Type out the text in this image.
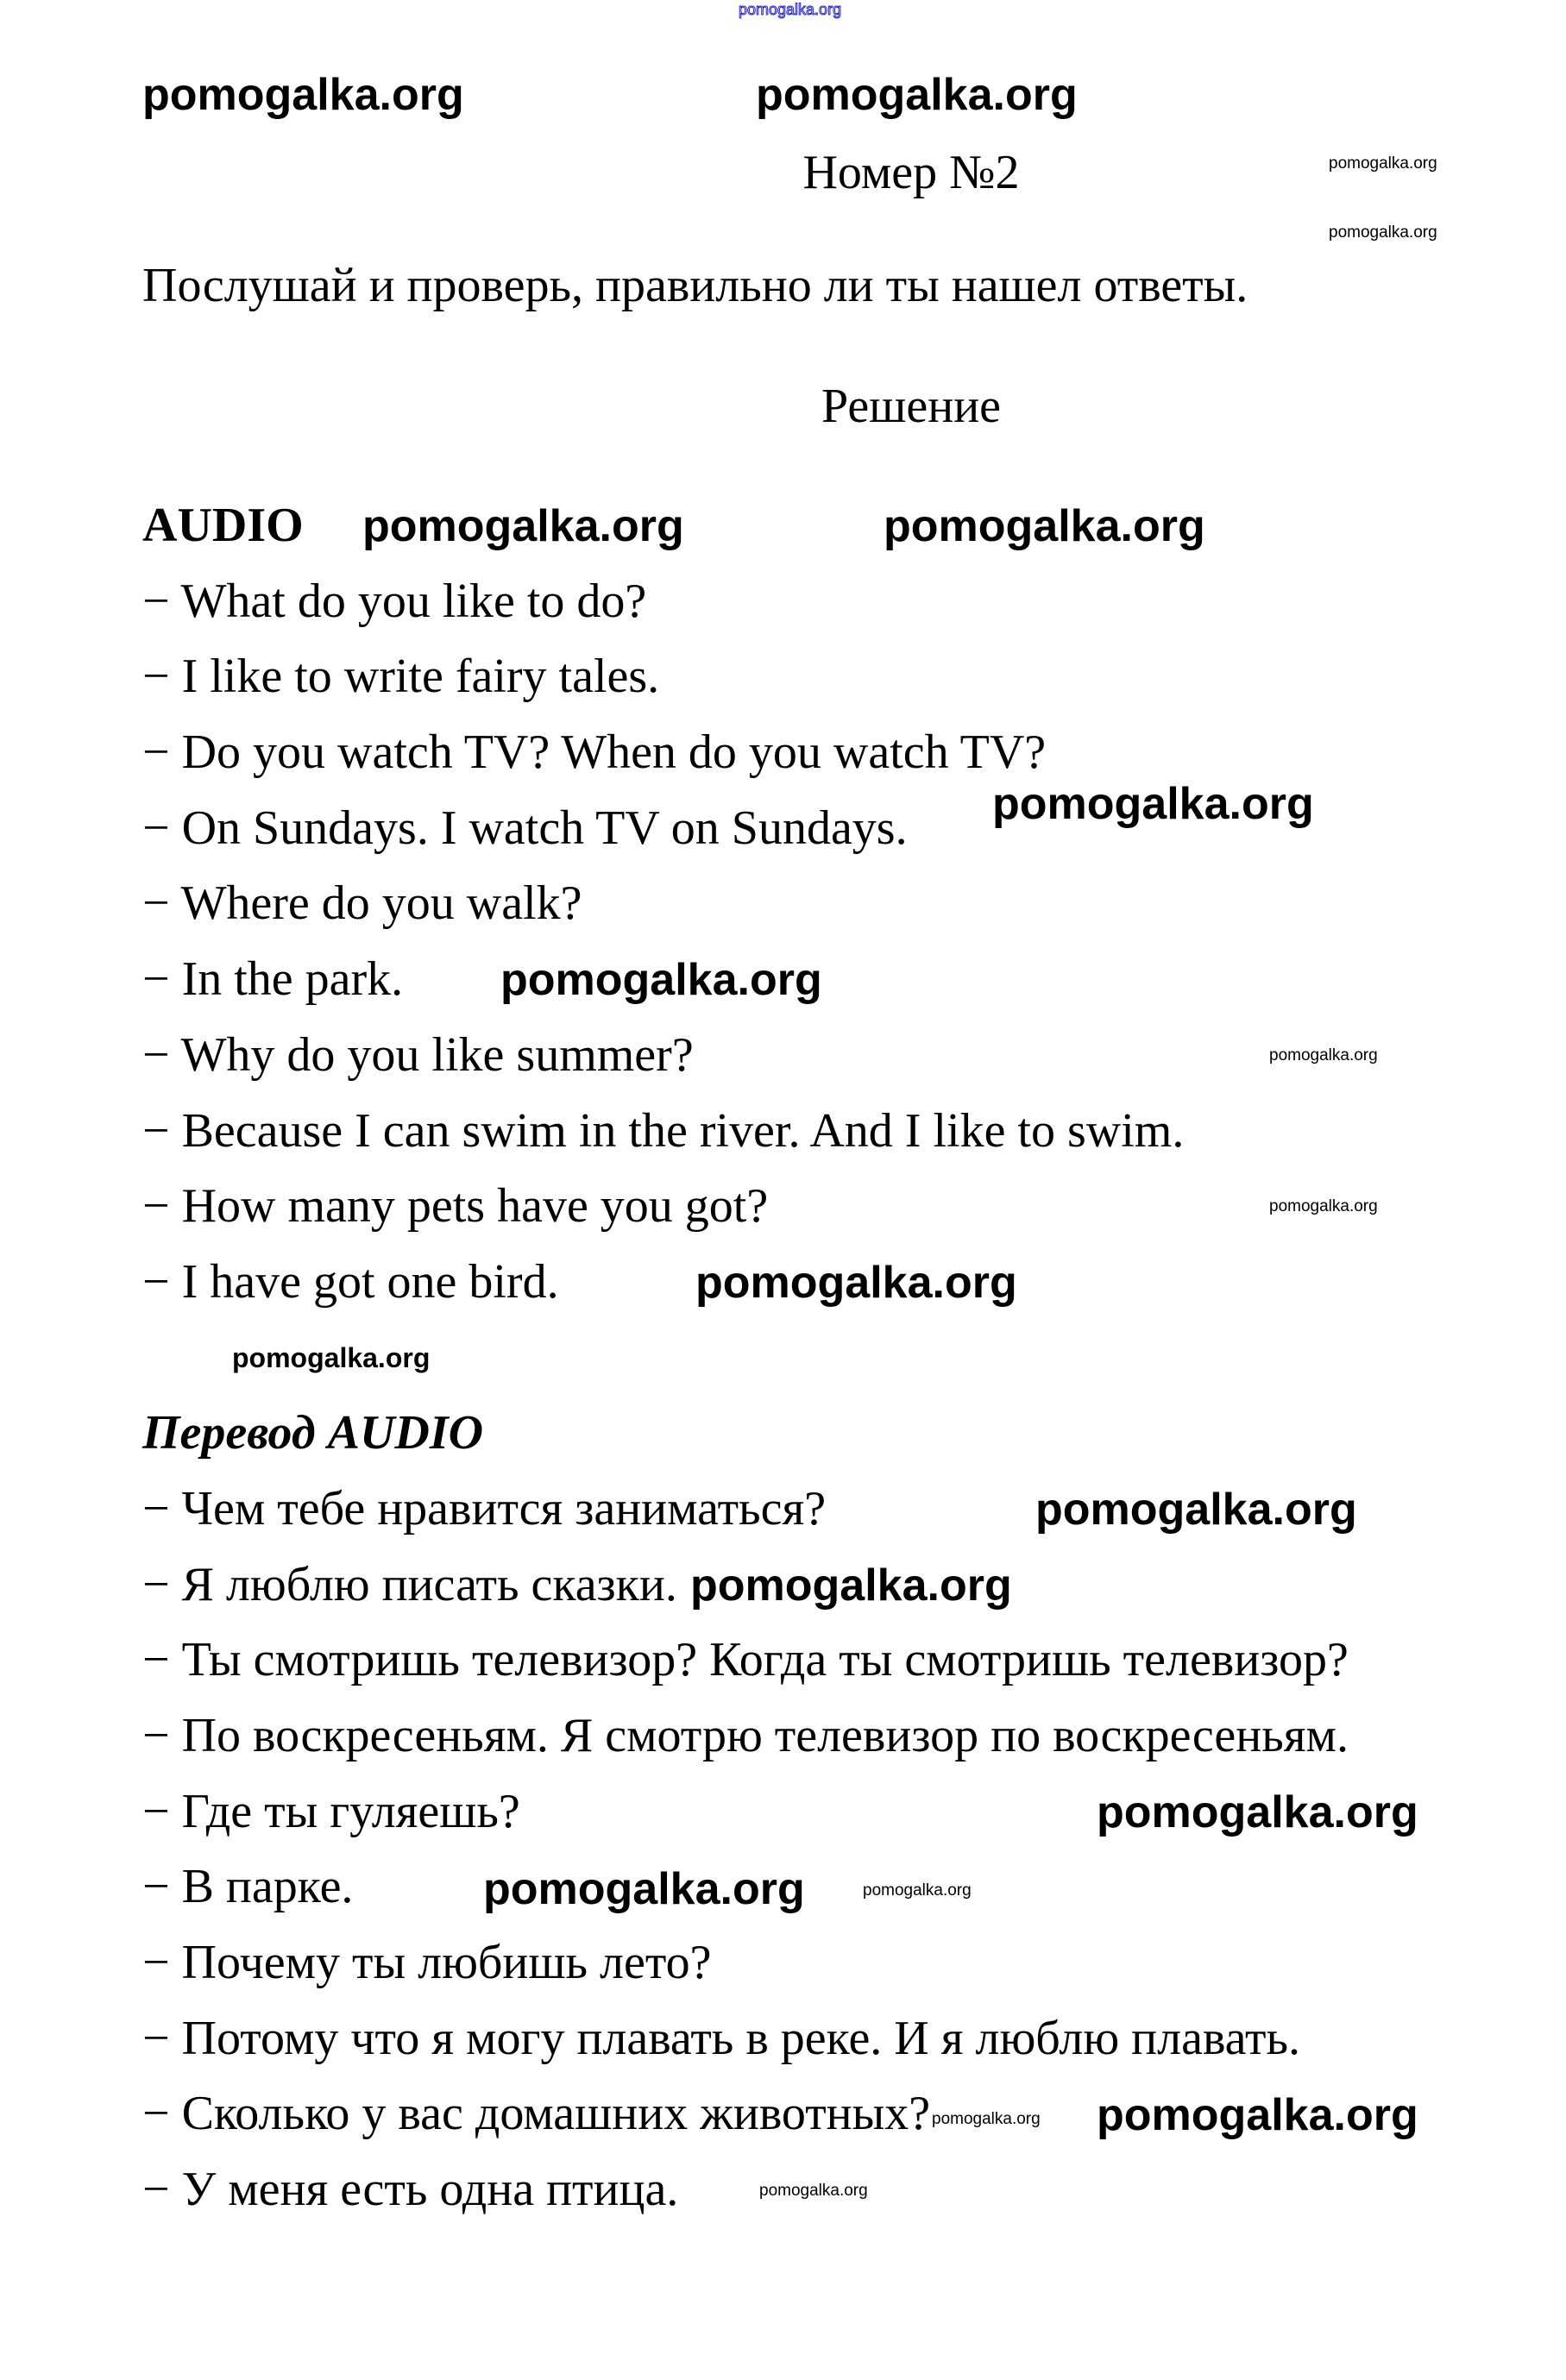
pomogalka.org
Номер №2
Послушай и проверь, правильно ли ты нашел ответы.
Решение
AUDIO
− What do you like to do?
− I like to write fairy tales.
− Do you watch TV? When do you watch TV?
− On Sundays. I watch TV on Sundays.
− Where do you walk?
− In the park.
− Why do you like summer?
− Because I can swim in the river. And I like to swim.
− How many pets have you got?
− I have got one bird.
Перевод AUDIO
− Чем тебе нравится заниматься?
− Я люблю писать сказки.
− Ты смотришь телевизор? Когда ты смотришь телевизор?
− По воскресеньям. Я смотрю телевизор по воскресеньям.
− Где ты гуляешь?
− В парке.
− Почему ты любишь лето?
− Потому что я могу плавать в реке. И я люблю плавать.
− Сколько у вас домашних животных?
− У меня есть одна птица.
pomogalka.org	pomogalka.org
pomogalka.org	pomogalka.org
pomogalka.org
pomogalka.org
pomogalka.org
pomogalka.org
pomogalka.org
pomogalka.org
pomogalka.org
pomogalka.org
pomogalka.org
pomogalka.org
pomogalka.org
pomogalka.org
pomogalka.org
pomogalka.org
pomogalka.org
pomogalka.org
